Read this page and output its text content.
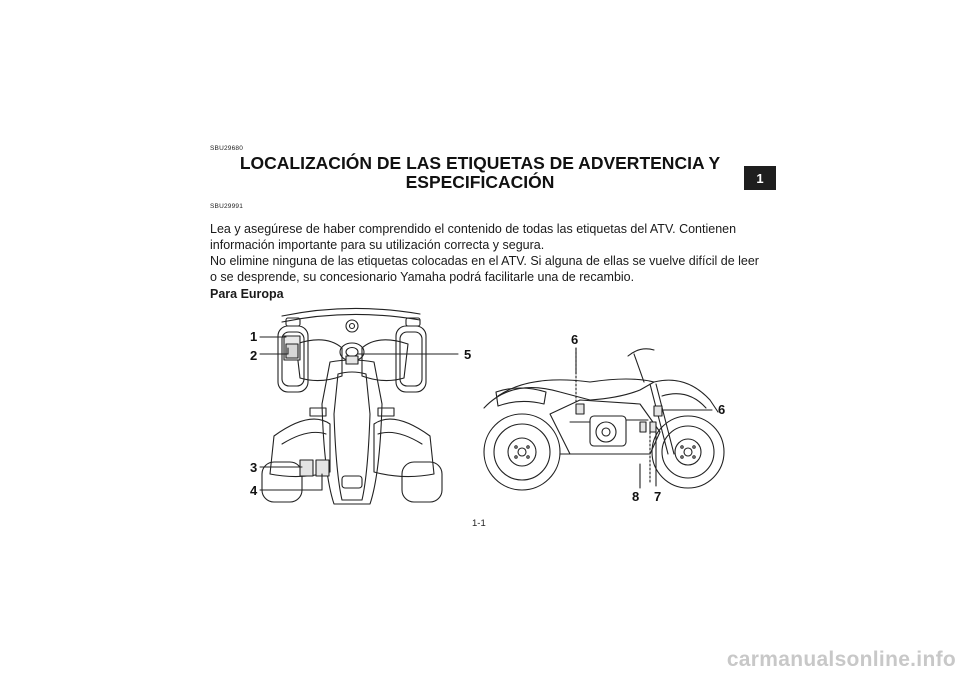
1
SBU29680
LOCALIZACIÓN DE LAS ETIQUETAS DE ADVERTENCIA Y
ESPECIFICACIÓN
SBU29991

Lea y asegúrese de haber comprendido el contenido de todas las etiquetas del ATV. Contienen información importante para su utilización correcta y segura.

No elimine ninguna de las etiquetas colocadas en el ATV. Si alguna de ellas se vuelve difícil de leer o se desprende, su concesionario Yamaha podrá facilitarle una de recambio.

Para Europa
1
2
3
4
5
6
6
7
8
1-1
carmanualsonline.info
